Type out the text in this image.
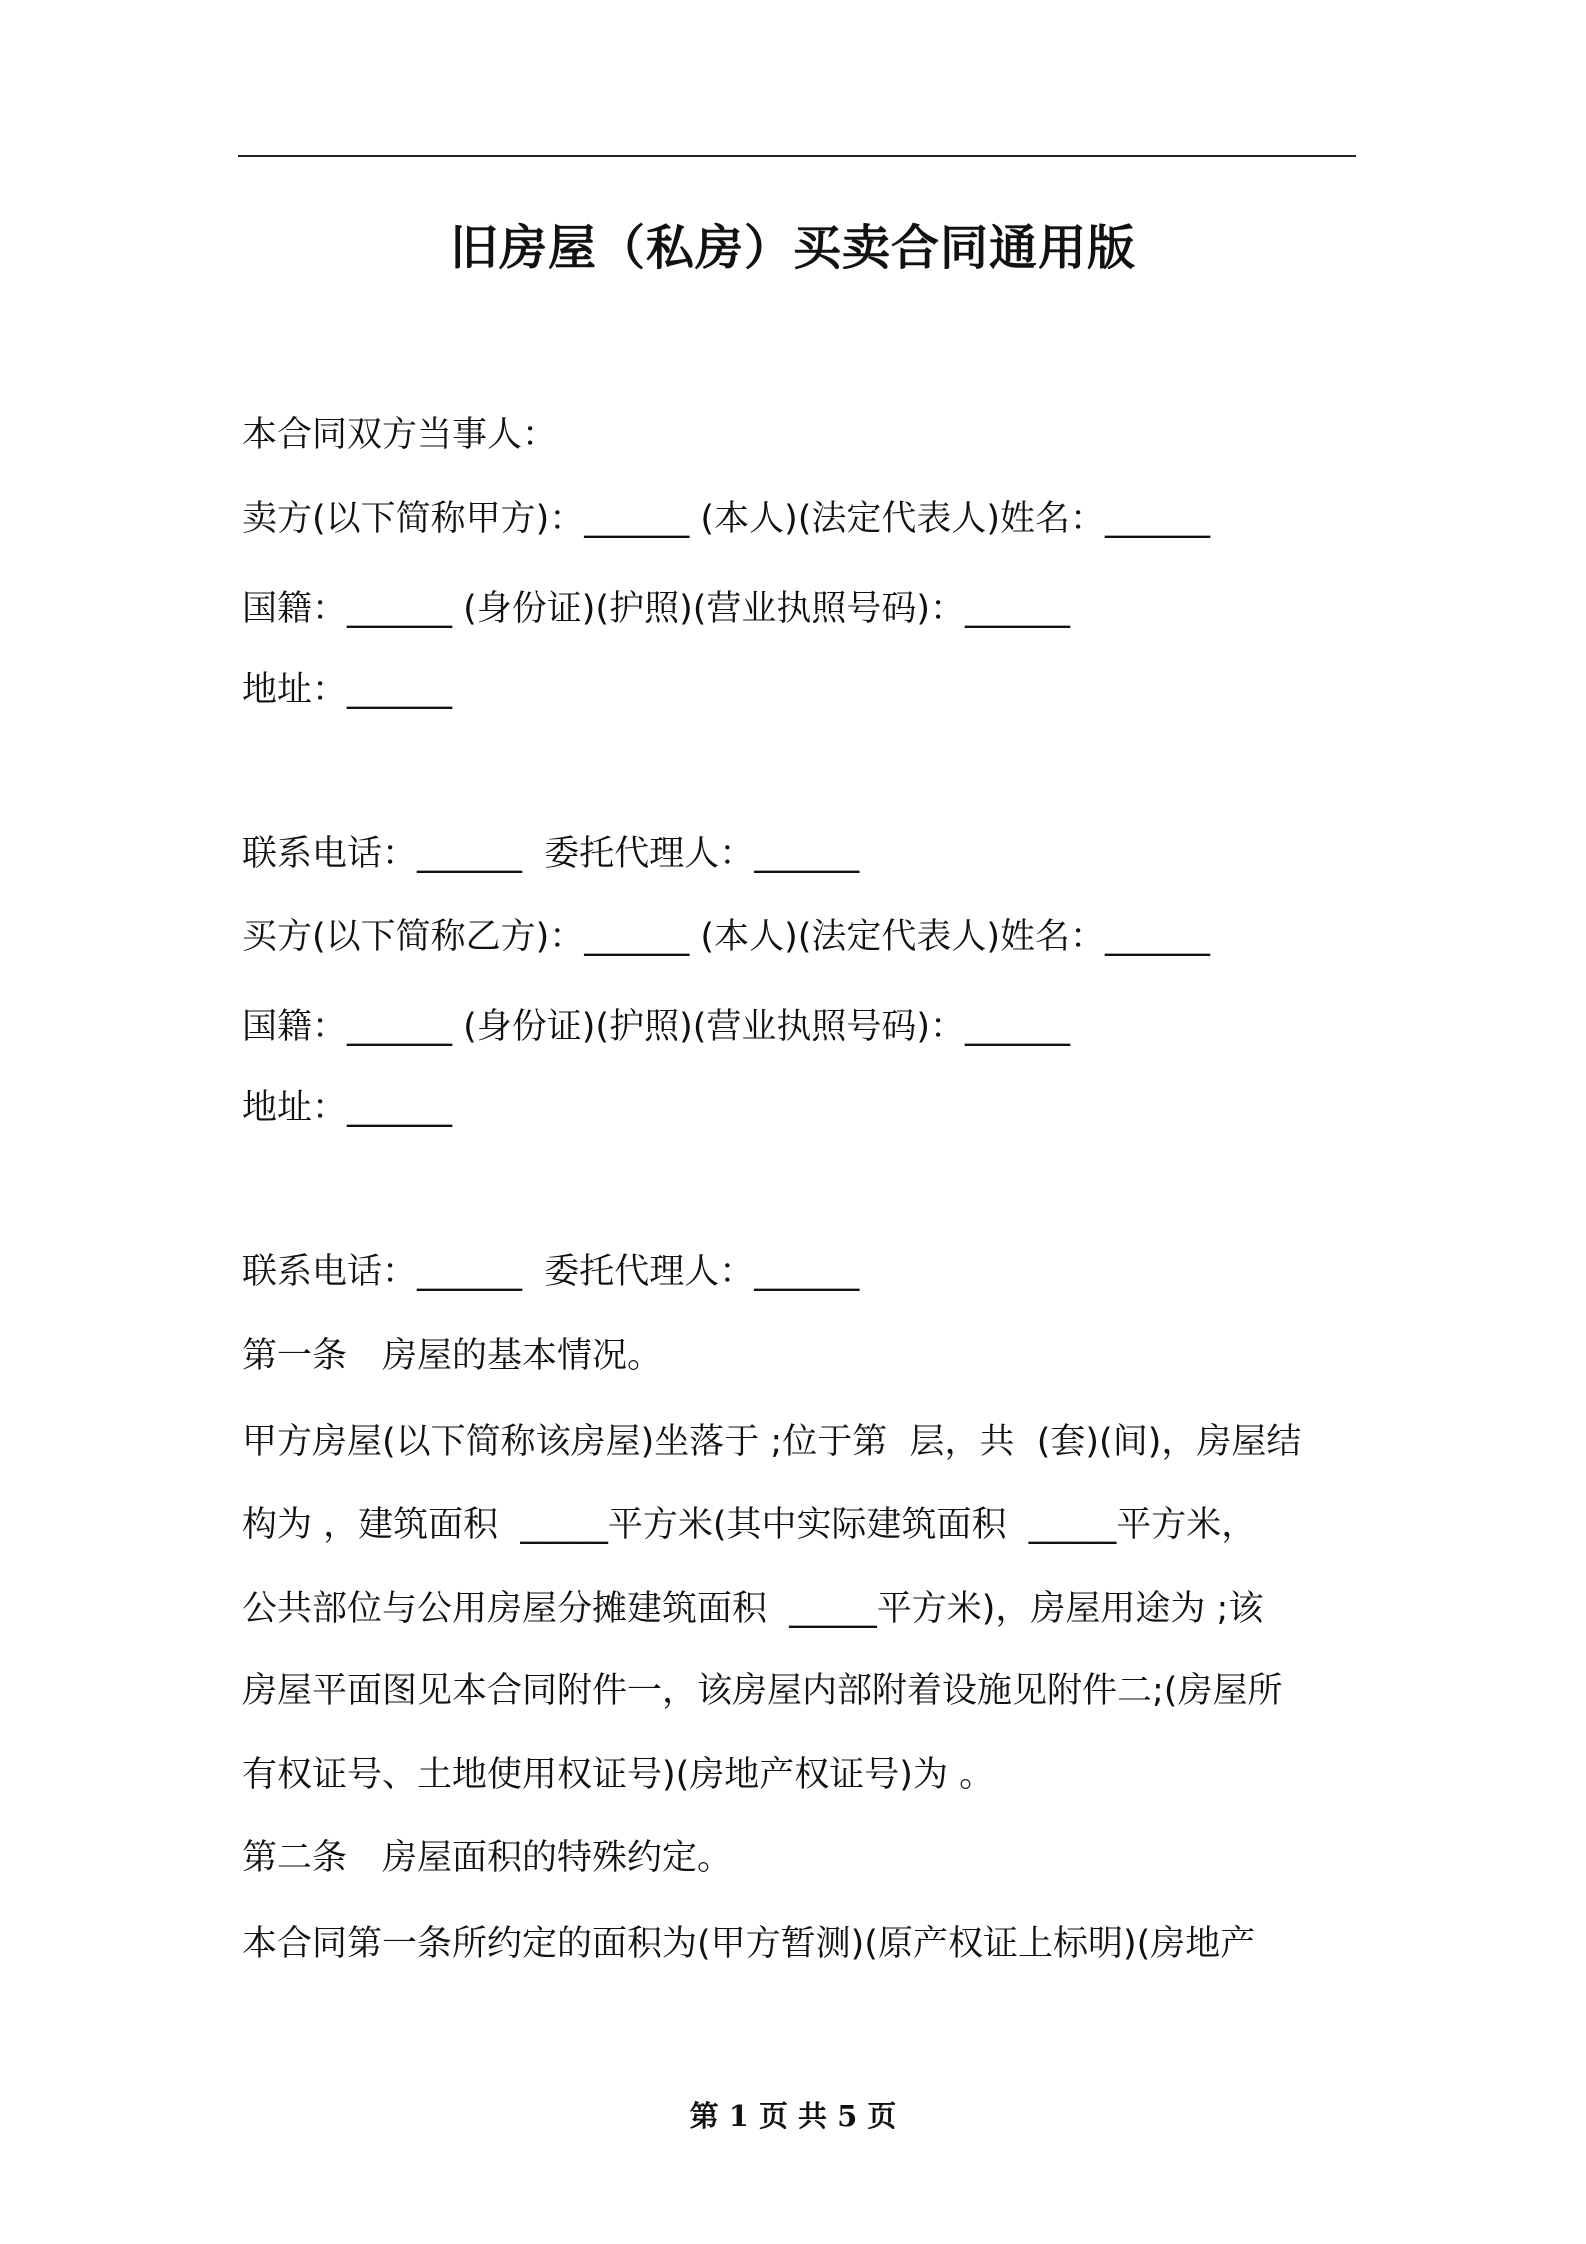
旧房屋（私房）买卖合同通用版

本合同双方当事人：

卖方(以下简称甲方)：______ (本人)(法定代表人)姓名：______

国籍：______ (身份证)(护照)(营业执照号码)：______

地址：______

联系电话：______  委托代理人：______

买方(以下简称乙方)：______ (本人)(法定代表人)姓名：______

国籍：______ (身份证)(护照)(营业执照号码)：______

地址：______

联系电话：______  委托代理人：______

第一条　房屋的基本情况。

甲方房屋(以下简称该房屋)坐落于 ;位于第  层，共  (套)(间)，房屋结

构为 ，建筑面积  _____平方米(其中实际建筑面积  _____平方米，

公共部位与公用房屋分摊建筑面积  _____平方米)，房屋用途为 ;该

房屋平面图见本合同附件一，该房屋内部附着设施见附件二;(房屋所

有权证号、土地使用权证号)(房地产权证号)为 。

第二条　房屋面积的特殊约定。

本合同第一条所约定的面积为(甲方暂测)(原产权证上标明)(房地产

第 1 页 共 5 页
